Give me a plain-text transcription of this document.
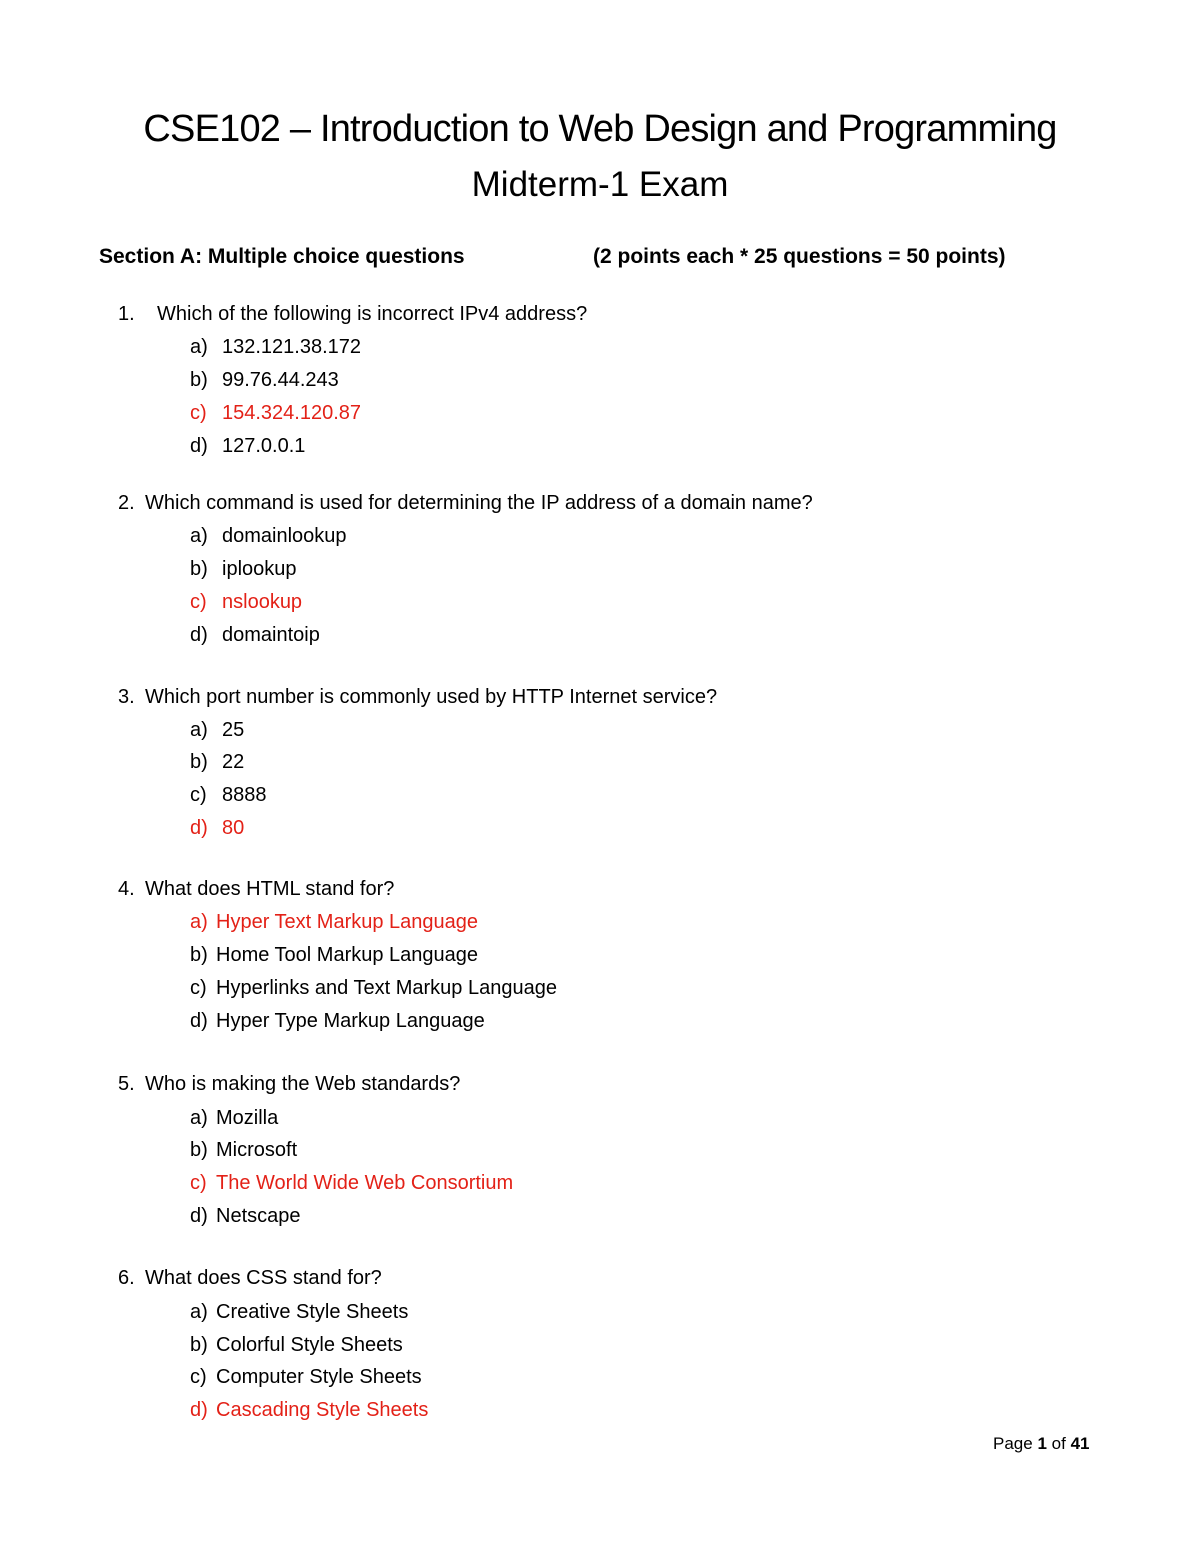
CSE102 – Introduction to Web Design and Programming
Midterm-1 Exam
Section A: Multiple choice questions	(2 points each * 25 questions = 50 points)
1. Which of the following is incorrect IPv4 address?
a) 132.121.38.172
b) 99.76.44.243
c) 154.324.120.87
d) 127.0.0.1
2. Which command is used for determining the IP address of a domain name?
a) domainlookup
b) iplookup
c) nslookup
d) domaintoip
3. Which port number is commonly used by HTTP Internet service?
a) 25
b) 22
c) 8888
d) 80
4. What does HTML stand for?
a) Hyper Text Markup Language
b) Home Tool Markup Language
c) Hyperlinks and Text Markup Language
d) Hyper Type Markup Language
5. Who is making the Web standards?
a) Mozilla
b) Microsoft
c) The World Wide Web Consortium
d) Netscape
6. What does CSS stand for?
a) Creative Style Sheets
b) Colorful Style Sheets
c) Computer Style Sheets
d) Cascading Style Sheets
Page 1 of 41
